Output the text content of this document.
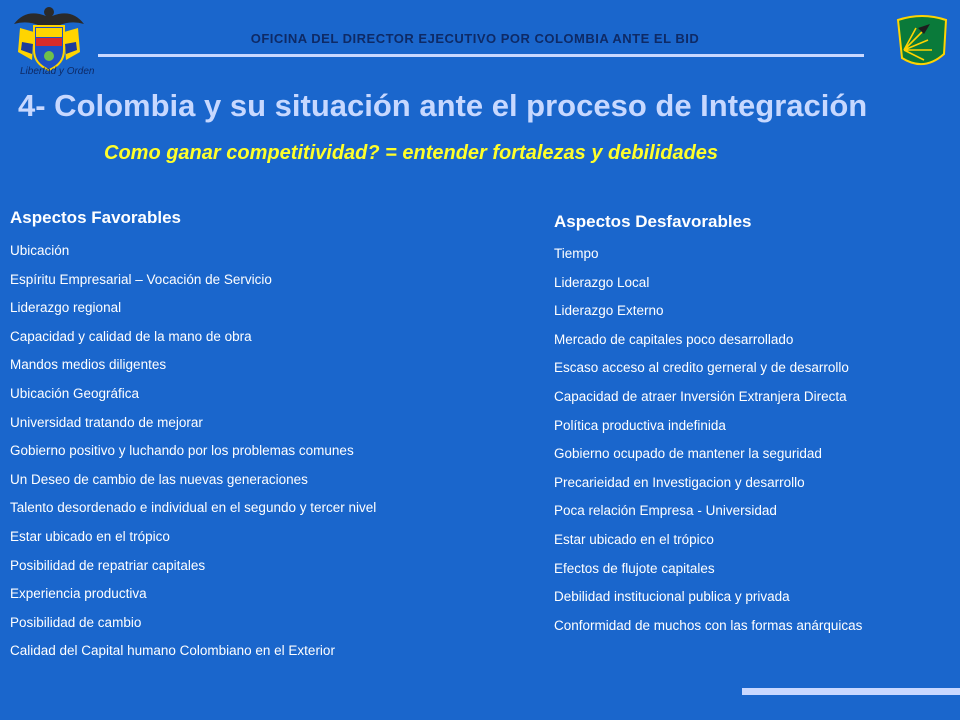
Libertad y Orden
OFICINA DEL DIRECTOR EJECUTIVO POR COLOMBIA ANTE EL BID
4- Colombia y su situación ante el proceso de Integración
Como ganar competitividad? = entender fortalezas y debilidades
Aspectos Favorables
Ubicación
Espíritu Empresarial – Vocación de Servicio
Liderazgo regional
Capacidad y calidad de la mano de obra
Mandos medios diligentes
Ubicación Geográfica
Universidad tratando de mejorar
Gobierno positivo y luchando por los problemas comunes
Un Deseo de cambio de las nuevas generaciones
Talento desordenado e individual en el segundo y tercer nivel
Estar ubicado en el trópico
Posibilidad de repatriar capitales
Experiencia productiva
Posibilidad de cambio
Calidad del Capital humano Colombiano en el Exterior
Aspectos Desfavorables
Tiempo
Liderazgo Local
Liderazgo Externo
Mercado de capitales poco desarrollado
Escaso acceso al credito gerneral y de desarrollo
Capacidad de atraer Inversión Extranjera Directa
Política productiva indefinida
Gobierno ocupado de mantener la seguridad
Precarieidad en Investigacion y desarrollo
Poca relación Empresa - Universidad
Estar ubicado en el trópico
Efectos de flujote capitales
Debilidad institucional publica y privada
Conformidad de muchos con las formas anárquicas
